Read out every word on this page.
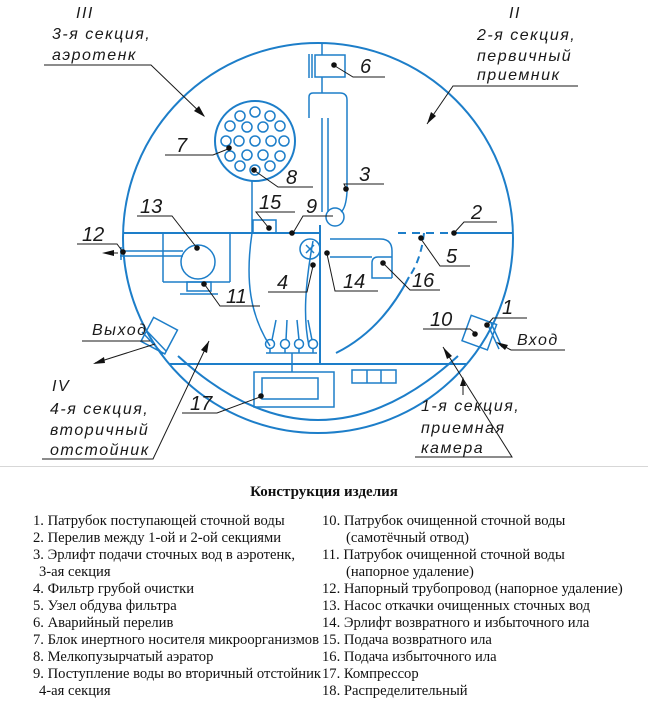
III
3-я секция,
аэротенк
II
2-я секция,
первичный
приемник
IV
4-я секция,
вторичный
отстойник
1-я секция,
приемная
камера
Вход
Выход
1
2
3
4
5
6
7
8
9
10
11
12
13
14
15
16
17
Конструкция изделия
1. Патрубок поступающей сточной воды
2. Перелив между 1-ой и 2-ой секциями
3. Эрлифт подачи сточных вод в аэротенк,
3-ая секция
4. Фильтр грубой очистки
5. Узел обдува фильтра
6. Аварийный перелив
7. Блок инертного носителя микроорганизмов
8. Мелкопузырчатый аэратор
9. Поступление воды во вторичный отстойник
4-ая секция
10. Патрубок очищенной сточной воды
(самотёчный отвод)
11. Патрубок очищенной сточной воды
(напорное удаление)
12. Напорный трубопровод (напорное удаление)
13. Насос откачки очищенных сточных вод
14. Эрлифт возвратного и избыточного ила
15. Подача возвратного ила
16. Подача избыточного ила
17. Компрессор
18. Распределительный
